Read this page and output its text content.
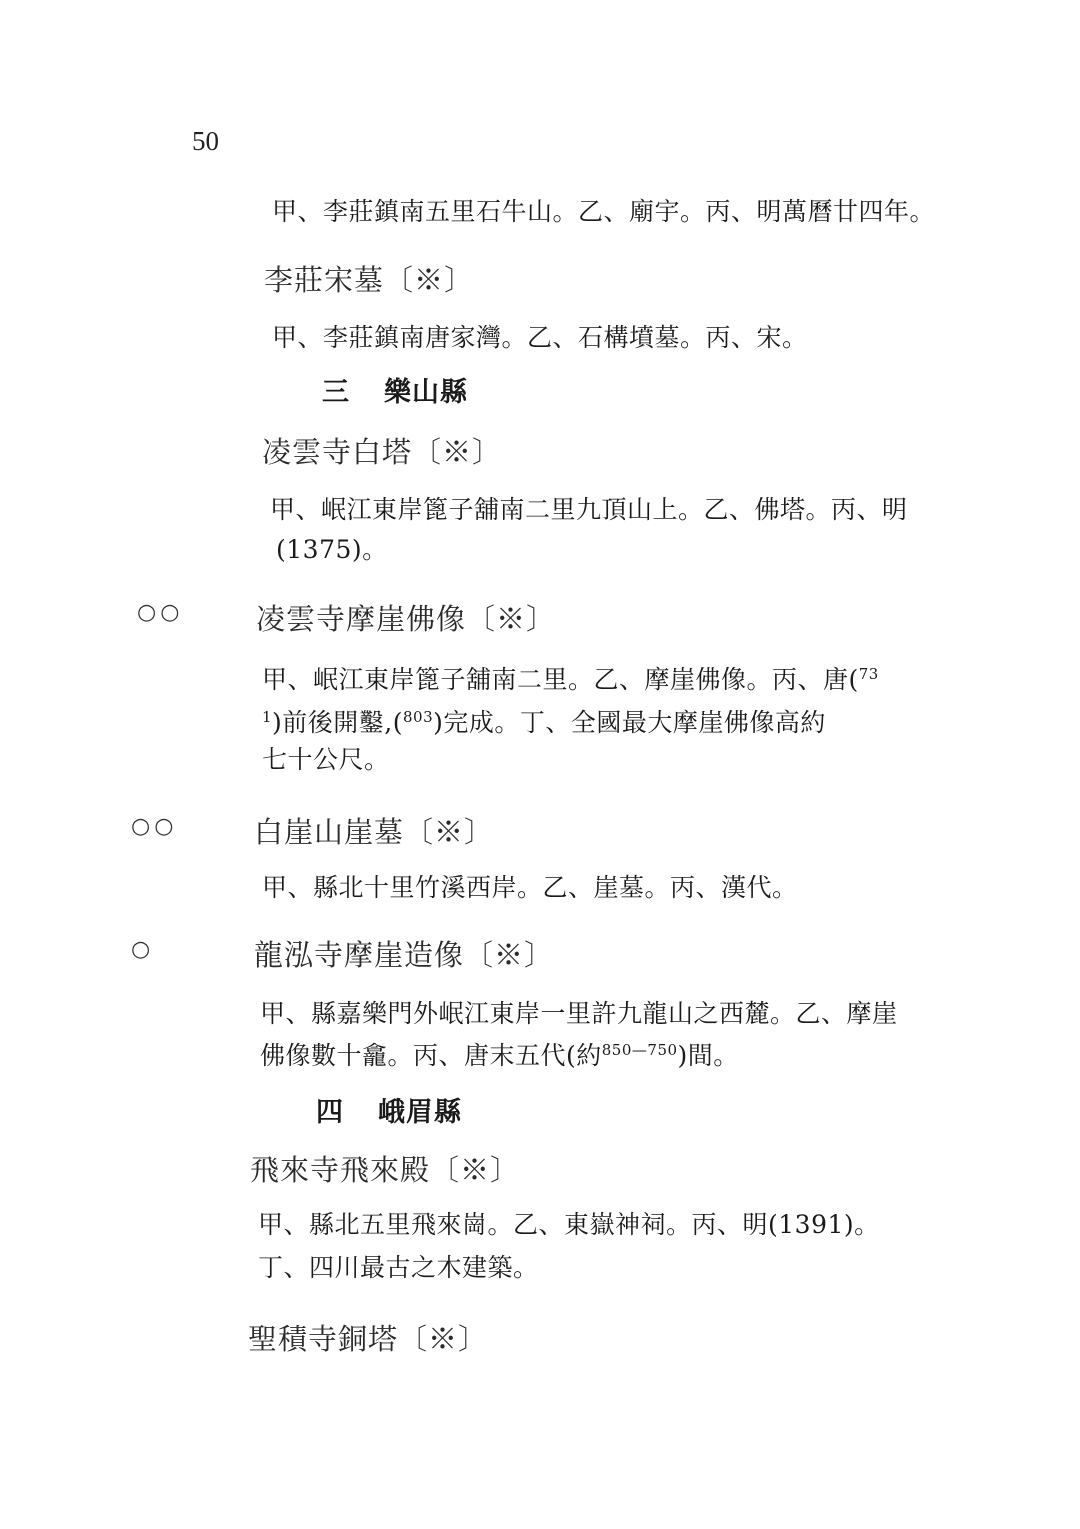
50
甲、李莊鎮南五里石牛山。乙、廟宇。丙、明萬曆廿四年。
李莊宋墓〔※〕
甲、李莊鎮南唐家灣。乙、石構墳墓。丙、宋。
三 樂山縣
凌雲寺白塔〔※〕
甲、岷江東岸篦子舖南二里九頂山上。乙、佛塔。丙、明
(1375)。
○○	凌雲寺摩崖佛像〔※〕
甲、岷江東岸篦子舖南二里。乙、摩崖佛像。丙、唐($^{73}$
$^1$)前後開鑿,($^{803}$)完成。丁、全國最大摩崖佛像高約
七十公尺。
○○	白崖山崖墓〔※〕
甲、縣北十里竹溪西岸。乙、崖墓。丙、漢代。
○	龍泓寺摩崖造像〔※〕
甲、縣嘉樂門外岷江東岸一里許九龍山之西麓。乙、摩崖
佛像數十龕。丙、唐末五代(約$^{850—750}$)間。
四 峨眉縣
飛來寺飛來殿〔※〕
甲、縣北五里飛來崗。乙、東嶽神祠。丙、明(1391)。
丁、四川最古之木建築。
聖積寺銅塔〔※〕
